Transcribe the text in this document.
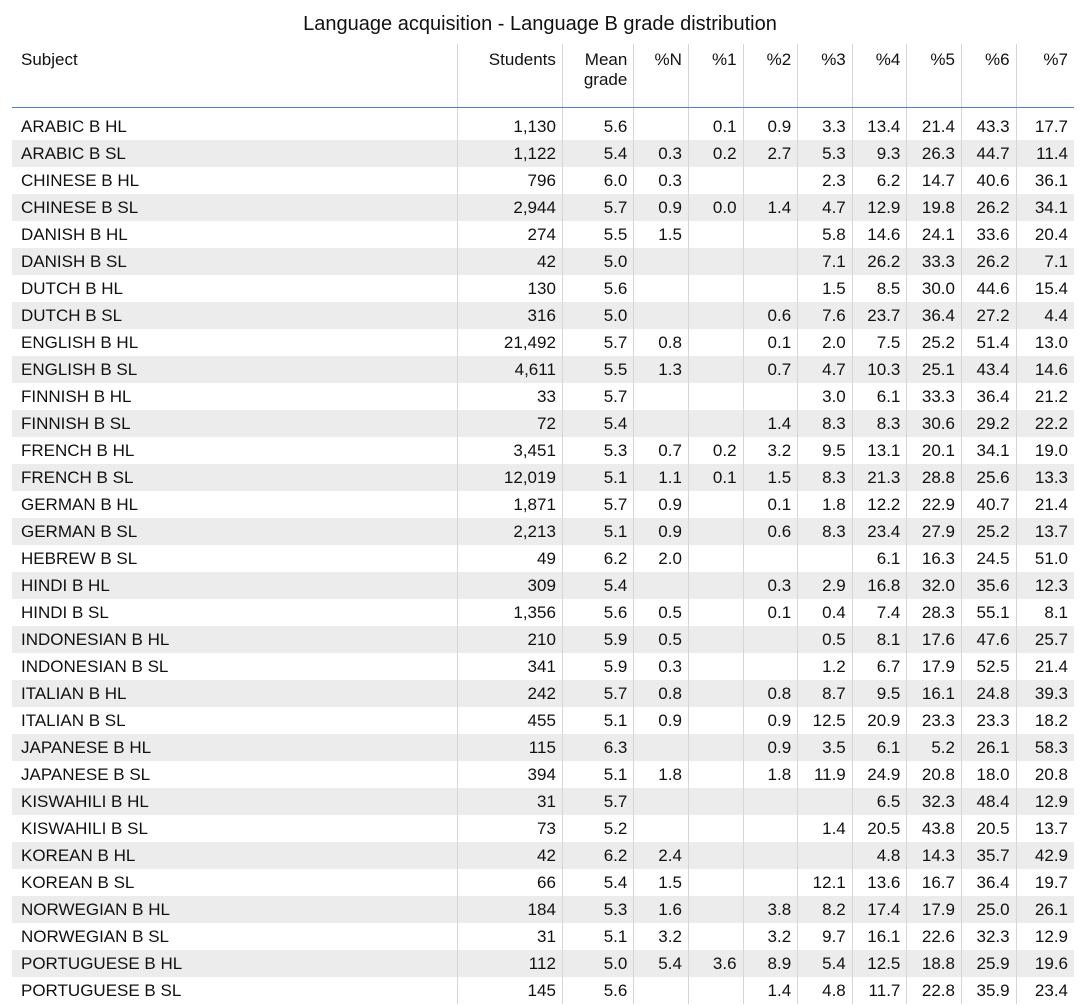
Language acquisition - Language B grade distribution
Subject	Students	Mean
grade	%N	%1	%2	%3	%4	%5	%6	%7

ARABIC B HL	1,130	5.6		0.1	0.9	3.3	13.4	21.4	43.3	17.7
ARABIC B SL	1,122	5.4	0.3	0.2	2.7	5.3	9.3	26.3	44.7	11.4
CHINESE B HL	796	6.0	0.3			2.3	6.2	14.7	40.6	36.1
CHINESE B SL	2,944	5.7	0.9	0.0	1.4	4.7	12.9	19.8	26.2	34.1
DANISH B HL	274	5.5	1.5			5.8	14.6	24.1	33.6	20.4
DANISH B SL	42	5.0				7.1	26.2	33.3	26.2	7.1
DUTCH B HL	130	5.6				1.5	8.5	30.0	44.6	15.4
DUTCH B SL	316	5.0			0.6	7.6	23.7	36.4	27.2	4.4
ENGLISH B HL	21,492	5.7	0.8		0.1	2.0	7.5	25.2	51.4	13.0
ENGLISH B SL	4,611	5.5	1.3		0.7	4.7	10.3	25.1	43.4	14.6
FINNISH B HL	33	5.7				3.0	6.1	33.3	36.4	21.2
FINNISH B SL	72	5.4			1.4	8.3	8.3	30.6	29.2	22.2
FRENCH B HL	3,451	5.3	0.7	0.2	3.2	9.5	13.1	20.1	34.1	19.0
FRENCH B SL	12,019	5.1	1.1	0.1	1.5	8.3	21.3	28.8	25.6	13.3
GERMAN B HL	1,871	5.7	0.9		0.1	1.8	12.2	22.9	40.7	21.4
GERMAN B SL	2,213	5.1	0.9		0.6	8.3	23.4	27.9	25.2	13.7
HEBREW B SL	49	6.2	2.0				6.1	16.3	24.5	51.0
HINDI B HL	309	5.4			0.3	2.9	16.8	32.0	35.6	12.3
HINDI B SL	1,356	5.6	0.5		0.1	0.4	7.4	28.3	55.1	8.1
INDONESIAN B HL	210	5.9	0.5			0.5	8.1	17.6	47.6	25.7
INDONESIAN B SL	341	5.9	0.3			1.2	6.7	17.9	52.5	21.4
ITALIAN B HL	242	5.7	0.8		0.8	8.7	9.5	16.1	24.8	39.3
ITALIAN B SL	455	5.1	0.9		0.9	12.5	20.9	23.3	23.3	18.2
JAPANESE B HL	115	6.3			0.9	3.5	6.1	5.2	26.1	58.3
JAPANESE B SL	394	5.1	1.8		1.8	11.9	24.9	20.8	18.0	20.8
KISWAHILI B HL	31	5.7					6.5	32.3	48.4	12.9
KISWAHILI B SL	73	5.2				1.4	20.5	43.8	20.5	13.7
KOREAN B HL	42	6.2	2.4				4.8	14.3	35.7	42.9
KOREAN B SL	66	5.4	1.5			12.1	13.6	16.7	36.4	19.7
NORWEGIAN B HL	184	5.3	1.6		3.8	8.2	17.4	17.9	25.0	26.1
NORWEGIAN B SL	31	5.1	3.2		3.2	9.7	16.1	22.6	32.3	12.9
PORTUGUESE B HL	112	5.0	5.4	3.6	8.9	5.4	12.5	18.8	25.9	19.6
PORTUGUESE B SL	145	5.6			1.4	4.8	11.7	22.8	35.9	23.4
